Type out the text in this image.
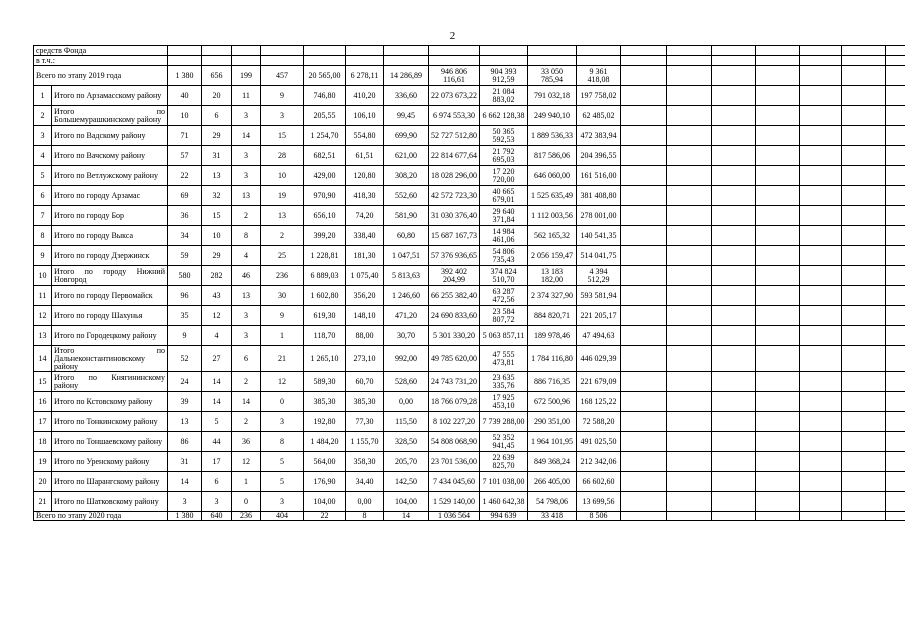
2
средств Фонда																			
в т.ч.:																			
Всего по этапу 2019 года		1 380	656	199	457	20 565,00	6 278,11	14 286,89	946 806 116,61	904 393 912,59	33 050 785,94	9 361 418,08							
1	Итого по Арзамасскому району	40	20	11	9	746,80	410,20	336,60	22 073 673,22	21 084 883,02	791 032,18	197 758,02							
2	Итого по Большемурашкинскому району	10	6	3	3	205,55	106,10	99,45	6 974 553,30	6 662 128,38	249 940,10	62 485,02							
3	Итого по Вадскому району	71	29	14	15	1 254,70	554,80	699,90	52 727 512,80	50 365 592,53	1 889 536,33	472 383,94							
4	Итого по Вачскому району	57	31	3	28	682,51	61,51	621,00	22 814 677,64	21 792 695,03	817 586,06	204 396,55							
5	Итого по Ветлужскому району	22	13	3	10	429,00	120,80	308,20	18 028 296,00	17 220 720,00	646 060,00	161 516,00							
6	Итого по городу Арзамас	69	32	13	19	970,90	418,30	552,60	42 572 723,30	40 665 679,01	1 525 635,49	381 408,80							
7	Итого по городу Бор	36	15	2	13	656,10	74,20	581,90	31 030 376,40	29 640 371,84	1 112 003,56	278 001,00							
8	Итого по городу Выкса	34	10	8	2	399,20	338,40	60,80	15 687 167,73	14 984 461,06	562 165,32	140 541,35							
9	Итого по городу Дзержинск	59	29	4	25	1 228,81	181,30	1 047,51	57 376 936,65	54 806 735,43	2 056 159,47	514 041,75							
10	Итого по городу Нижний Новгород	580	282	46	236	6 889,03	1 075,40	5 813,63	392 402 204,99	374 824 510,70	13 183 182,00	4 394 512,29							
11	Итого по городу Первомайск	96	43	13	30	1 602,80	356,20	1 246,60	66 255 382,40	63 287 472,56	2 374 327,90	593 581,94							
12	Итого по городу Шахунья	35	12	3	9	619,30	148,10	471,20	24 690 833,60	23 584 807,72	884 820,71	221 205,17							
13	Итого по Городецкому району	9	4	3	1	118,70	88,00	30,70	5 301 330,20	5 063 857,11	189 978,46	47 494,63							
14	Итого по Дальнеконстантиновскому району	52	27	6	21	1 265,10	273,10	992,00	49 785 620,00	47 555 473,81	1 784 116,80	446 029,39							
15	Итого по Княгининскому району	24	14	2	12	589,30	60,70	528,60	24 743 731,20	23 635 335,76	886 716,35	221 679,09							
16	Итого по Кстовскому району	39	14	14	0	385,30	385,30	0,00	18 766 079,28	17 925 453,10	672 500,96	168 125,22							
17	Итого по Тонкинскому району	13	5	2	3	192,80	77,30	115,50	8 102 227,20	7 739 288,00	290 351,00	72 588,20							
18	Итого по Тоншаевскому району	86	44	36	8	1 484,20	1 155,70	328,50	54 808 068,90	52 352 941,45	1 964 101,95	491 025,50							
19	Итого по Уренскому району	31	17	12	5	564,00	358,30	205,70	23 701 536,00	22 639 825,70	849 368,24	212 342,06							
20	Итого по Шарангскому району	14	6	1	5	176,90	34,40	142,50	7 434 045,60	7 101 038,00	266 405,00	66 602,60							
21	Итого по Шатковскому району	3	3	0	3	104,00	0,00	104,00	1 529 140,00	1 460 642,38	54 798,06	13 699,56							
Всего по этапу 2020 года		1 380	640	236	404	22	8	14	1 036 564	994 639	33 418	8 506							
